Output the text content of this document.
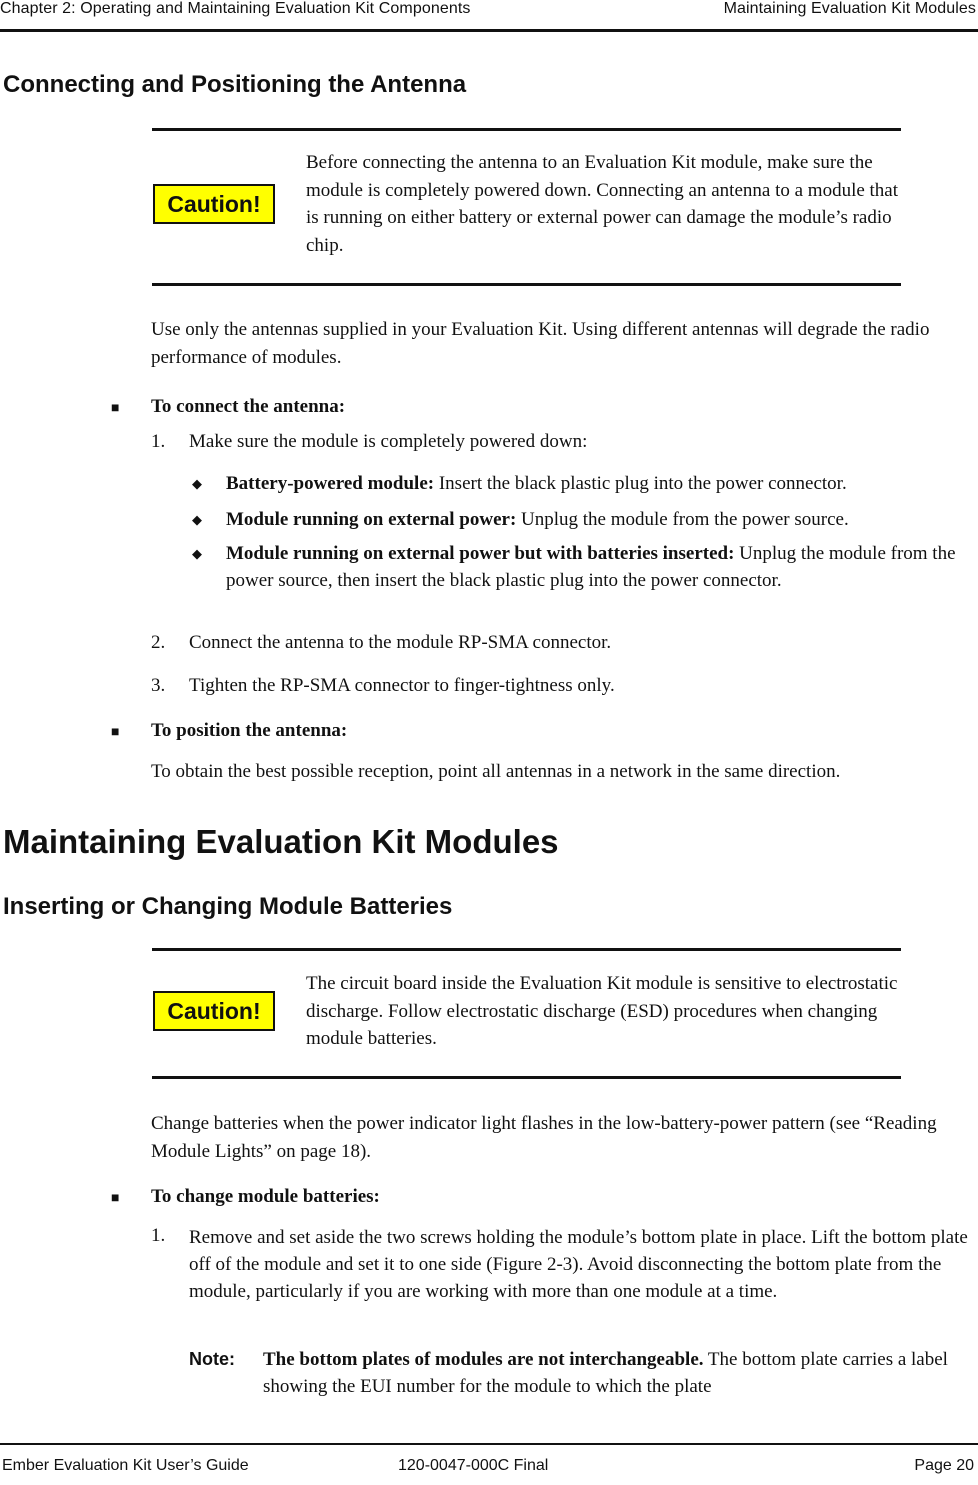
Chapter 2: Operating and Maintaining Evaluation Kit Components	Maintaining Evaluation Kit Modules
Connecting and Positioning the Antenna
Caution!
Before connecting the antenna to an Evaluation Kit module, make sure the module is completely powered down. Connecting an antenna to a module that is running on either battery or external power can damage the module’s radio chip.
Use only the antennas supplied in your Evaluation Kit. Using different antennas will degrade the radio performance of modules.
■ To connect the antenna:
1. Make sure the module is completely powered down:
◆ Battery-powered module: Insert the black plastic plug into the power connector.
◆ Module running on external power: Unplug the module from the power source.
◆ Module running on external power but with batteries inserted: Unplug the module from the power source, then insert the black plastic plug into the power connector.
2. Connect the antenna to the module RP-SMA connector.
3. Tighten the RP-SMA connector to finger-tightness only.
■ To position the antenna:
To obtain the best possible reception, point all antennas in a network in the same direction.
Maintaining Evaluation Kit Modules
Inserting or Changing Module Batteries
Caution!
The circuit board inside the Evaluation Kit module is sensitive to electrostatic discharge. Follow electrostatic discharge (ESD) procedures when changing module batteries.
Change batteries when the power indicator light flashes in the low-battery-power pattern (see “Reading Module Lights” on page 18).
■ To change module batteries:
1. Remove and set aside the two screws holding the module’s bottom plate in place. Lift the bottom plate off of the module and set it to one side (Figure 2-3). Avoid disconnecting the bottom plate from the module, particularly if you are working with more than one module at a time.
Note: The bottom plates of modules are not interchangeable. The bottom plate carries a label showing the EUI number for the module to which the plate
Ember Evaluation Kit User’s Guide	120-0047-000C Final	Page 20
